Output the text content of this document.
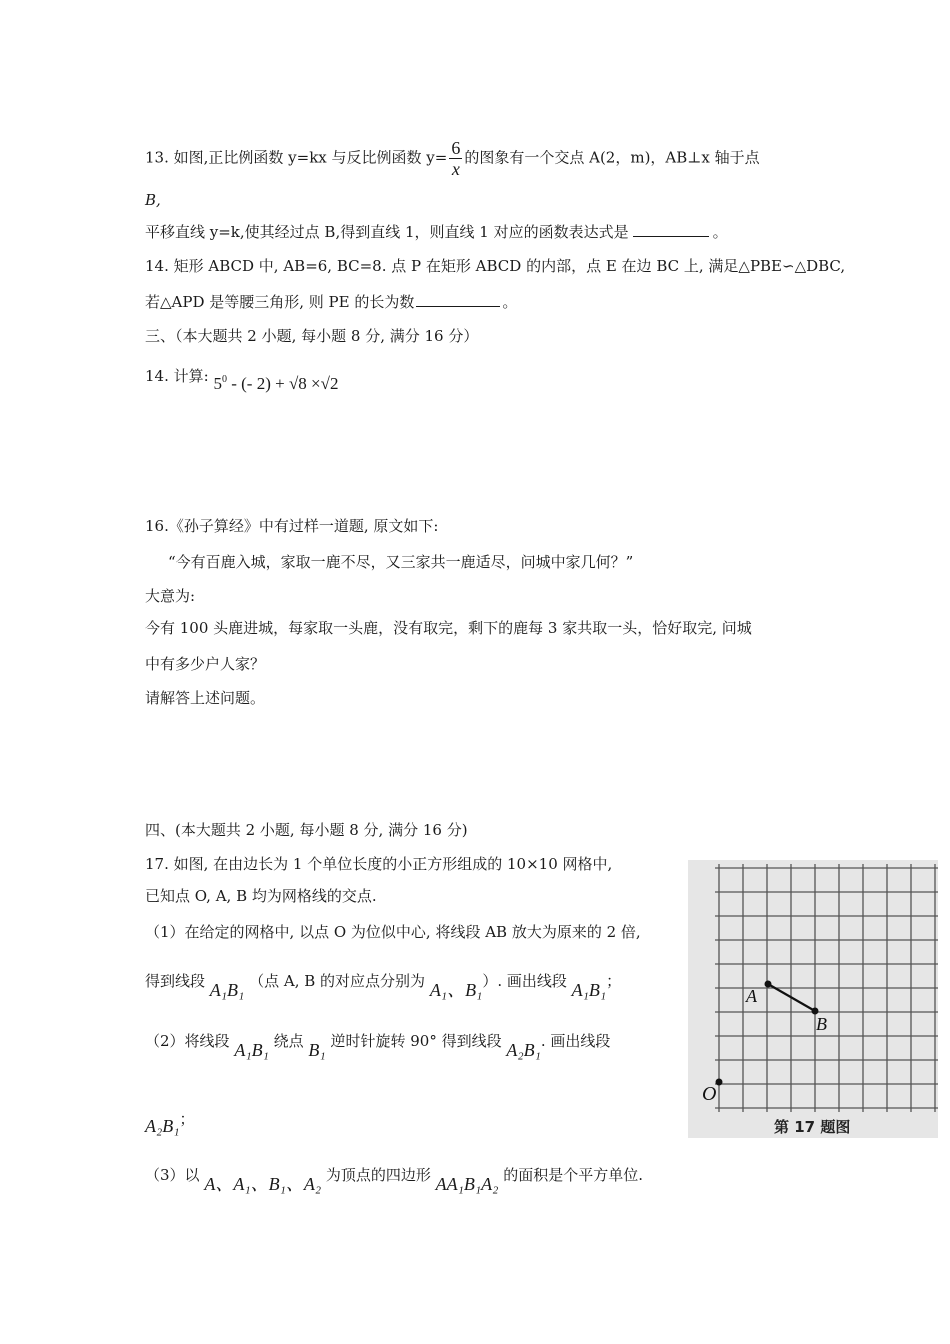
13. 如图,正比例函数 y=kx 与反比例函数 $y= \frac{6}{x}$ 的图象有一个交点 A(2，m)，AB⊥x 轴于点
B,
平移直线 y=k,使其经过点 B,得到直线 1，则直线 1 对应的函数表达式是	。
14. 矩形 ABCD 中, AB=6, BC=8. 点 P 在矩形 ABCD 的内部，点 E 在边 BC 上, 满足△PBE∽△DBC,
若△APD 是等腰三角形, 则 PE 的长为数	。
三、（本大题共 2 小题, 每小题 8 分, 满分 16 分）
14. 计算: $5^0$ - (- 2) + √8 ×√2
16.《孙子算经》中有过样一道题, 原文如下:
“今有百鹿入城，家取一鹿不尽，又三家共一鹿适尽，问城中家几何？”
大意为:
今有 100 头鹿进城，每家取一头鹿，没有取完，剩下的鹿每 3 家共取一头，恰好取完, 问城
中有多少户人家？
请解答上述问题。
四、(本大题共 2 小题, 每小题 8 分, 满分 16 分)
17. 如图, 在由边长为 1 个单位长度的小正方形组成的 10×10 网格中,
已知点 O, A, B 均为网格线的交点.
（1）在给定的网格中, 以点 O 为位似中心, 将线段 AB 放大为原来的 2 倍,
得到线段 A₁B₁ （点 A, B 的对应点分别为 A₁、B₁）. 画出线段 A₁B₁；
（2）将线段 A₁B₁ 绕点 B₁ 逆时针旋转 90° 得到线段 A₂B₁. 画出线段
A₂B₁；
（3）以 A、A₁、B₁、A₂ 为顶点的四边形 AA₁B₁A₂ 的面积是个平方单位.
A
B
O
第 17 题图
